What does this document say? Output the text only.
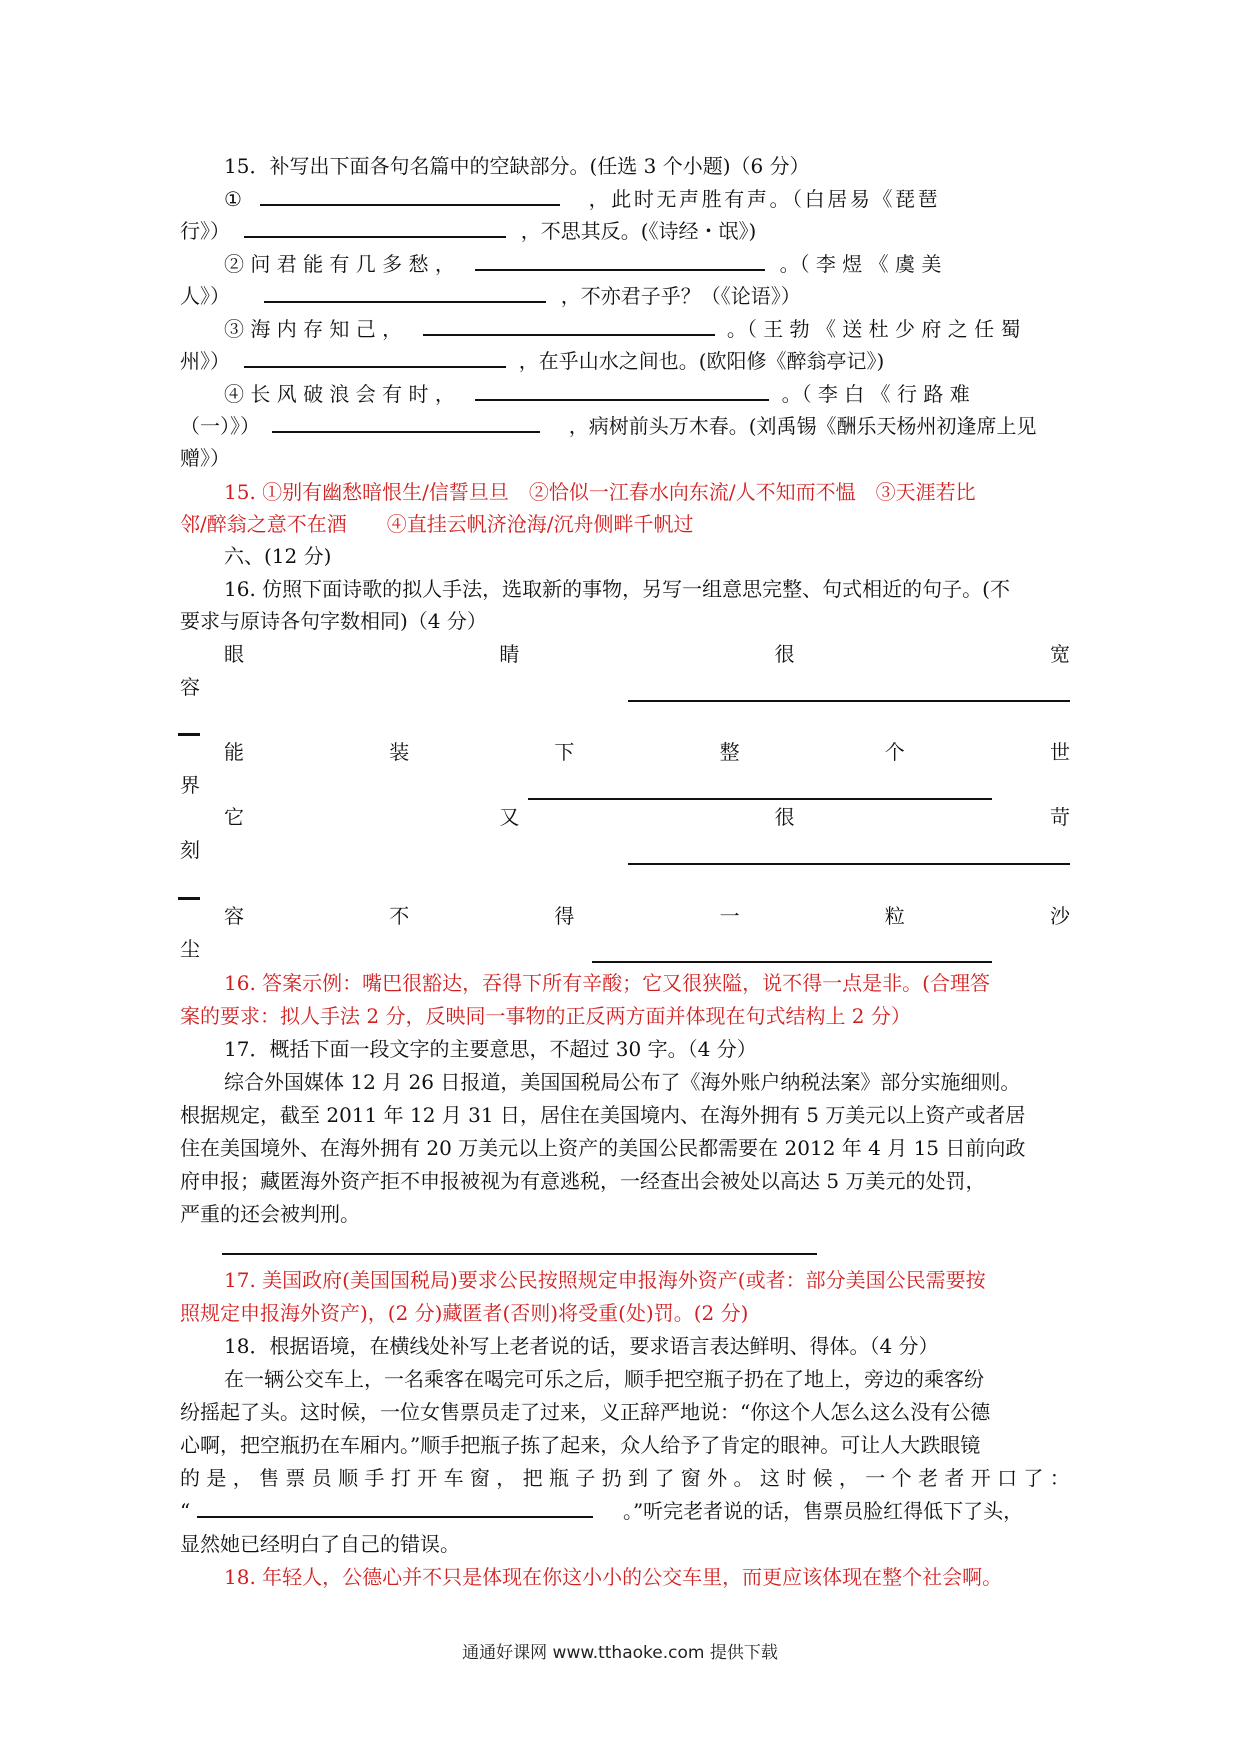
15．补写出下面各句名篇中的空缺部分。(任选 3 个小题)（6 分）
①	，此时无声胜有声。（白居易《琵琶
行》）	，不思其反。(《诗经・氓》)
② 问 君 能 有 几 多 愁 ，	。（ 李 煜 《 虞 美
人》）	，不亦君子乎？（《论语》）
③ 海 内 存 知 己 ，	。（ 王 勃 《 送 杜 少 府 之 任 蜀
州》）	，在乎山水之间也。(欧阳修《醉翁亭记》)
④ 长 风 破 浪 会 有 时 ，	。（ 李 白 《 行 路 难
（一）》）	，病树前头万木春。(刘禹锡《酬乐天杨州初逢席上见
赠》）
15. ①别有幽愁暗恨生/信誓旦旦　②恰似一江春水向东流/人不知而不愠　③天涯若比
邻/醉翁之意不在酒　　④直挂云帆济沧海/沉舟侧畔千帆过
六、(12 分)
16. 仿照下面诗歌的拟人手法，选取新的事物，另写一组意思完整、句式相近的句子。(不
要求与原诗各句字数相同)（4 分）
眼	睛	很	宽
容
能	装	下	整	个	世
界
它	又	很	苛
刻
容	不	得	一	粒	沙
尘
16. 答案示例：嘴巴很豁达，吞得下所有辛酸；它又很狭隘，说不得一点是非。(合理答
案的要求：拟人手法 2 分，反映同一事物的正反两方面并体现在句式结构上 2 分）
17．概括下面一段文字的主要意思，不超过 30 字。（4 分）
综合外国媒体 12 月 26 日报道，美国国税局公布了《海外账户纳税法案》部分实施细则。
根据规定，截至 2011 年 12 月 31 日，居住在美国境内、在海外拥有 5 万美元以上资产或者居
住在美国境外、在海外拥有 20 万美元以上资产的美国公民都需要在 2012 年 4 月 15 日前向政
府申报；藏匿海外资产拒不申报被视为有意逃税，一经查出会被处以高达 5 万美元的处罚，
严重的还会被判刑。
17. 美国政府(美国国税局)要求公民按照规定申报海外资产(或者：部分美国公民需要按
照规定申报海外资产)，(2 分)藏匿者(否则)将受重(处)罚。(2 分)
18．根据语境，在横线处补写上老者说的话，要求语言表达鲜明、得体。（4 分）
在一辆公交车上，一名乘客在喝完可乐之后，顺手把空瓶子扔在了地上，旁边的乘客纷
纷摇起了头。这时候，一位女售票员走了过来，义正辞严地说：“你这个人怎么这么没有公德
心啊，把空瓶扔在车厢内。”顺手把瓶子拣了起来，众人给予了肯定的眼神。可让人大跌眼镜
的 是 ， 售 票 员 顺 手 打 开 车 窗 ， 把 瓶 子 扔 到 了 窗 外 。 这 时 候 ， 一 个 老 者 开 口 了 ：
“	。”听完老者说的话，售票员脸红得低下了头，
显然她已经明白了自己的错误。
18. 年轻人，公德心并不只是体现在你这小小的公交车里，而更应该体现在整个社会啊。
通通好课网 www.tthaoke.com 提供下载
